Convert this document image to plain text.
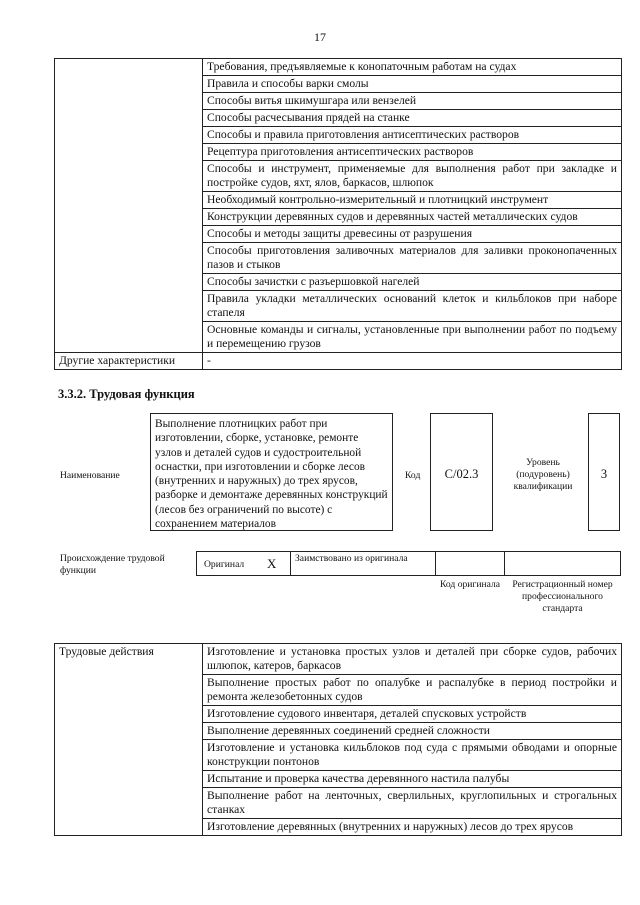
17
	Требования, предъявляемые к конопаточным работам на судах
	Правила и способы варки смолы
	Способы витья шкимушгара или вензелей
	Способы расчесывания прядей на станке
	Способы и правила приготовления антисептических растворов
	Рецептура приготовления антисептических растворов
	Способы и инструмент, применяемые для выполнения работ при закладке и постройке судов, яхт, ялов, баркасов, шлюпок
	Необходимый контрольно-измерительный и плотницкий инструмент
	Конструкции деревянных судов и деревянных частей металлических судов
	Способы и методы защиты древесины от разрушения
	Способы приготовления заливочных материалов для заливки проконопаченных пазов и стыков
	Способы зачистки с разъершовкой нагелей
	Правила укладки металлических оснований клеток и кильблоков при наборе стапеля
	Основные команды и сигналы, установленные при выполнении работ по подъему и перемещению грузов
Другие характеристики	-
3.3.2. Трудовая функция
Наименование
Выполнение плотницких работ при изготовлении, сборке, установке, ремонте узлов и деталей судов и судостроительной оснастки, при изготовлении и сборке лесов (внутренних и наружных) до трех ярусов, разборке и демонтаже деревянных конструкций (лесов без ограничений по высоте) с сохранением материалов
Код	C/02.3
Уровень (подуровень) квалификации
3
Происхождение трудовой функции
Оригинал X Заимствовано из оригинала
Код оригинала	Регистрационный номер профессионального стандарта
Трудовые действия	Изготовление и установка простых узлов и деталей при сборке судов, рабочих шлюпок, катеров, баркасов
Выполнение простых работ по опалубке и распалубке в период постройки и ремонта железобетонных судов
Изготовление судового инвентаря, деталей спусковых устройств
Выполнение деревянных соединений средней сложности
Изготовление и установка кильблоков под суда с прямыми обводами и опорные конструкции понтонов
Испытание и проверка качества деревянного настила палубы
Выполнение работ на ленточных, сверлильных, круглопильных и строгальных станках
Изготовление деревянных (внутренних и наружных) лесов до трех ярусов
